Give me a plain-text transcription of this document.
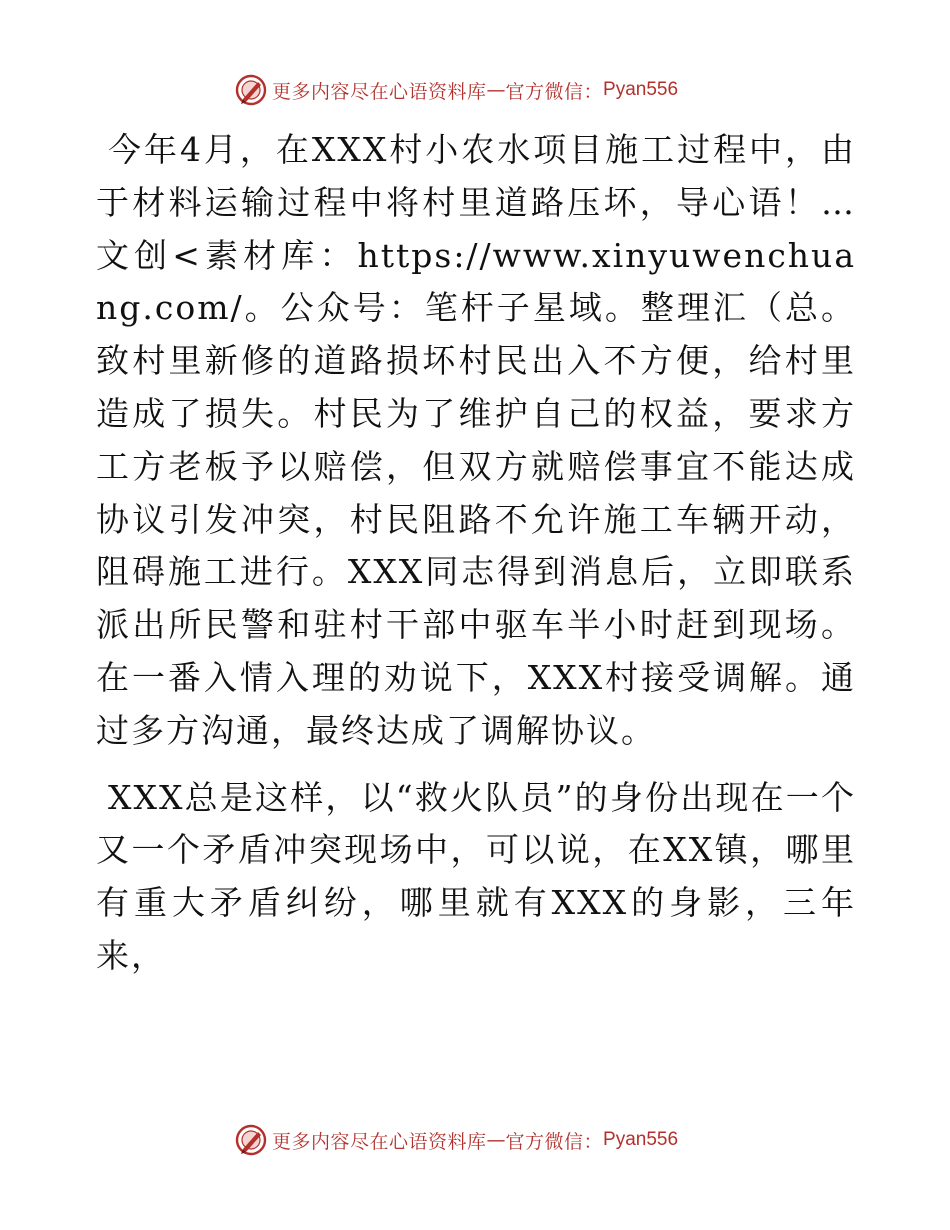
更多内容尽在心语资料库 — 官方微信： Pyan556

今年4月，在XXX村小农水项目施工过程中，由于材料运输过程中将村里道路压坏，导心语！…文创<素材库：https://www.xinyuwenchuang.com/。公众号：笔杆子星域。整理汇（总。致村里新修的道路损坏村民出入不方便，给村里造成了损失。村民为了维护自己的权益，要求方工方老板予以赔偿，但双方就赔偿事宜不能达成协议引发冲突，村民阻路不允许施工车辆开动，阻碍施工进行。XXX同志得到消息后，立即联系派出所民警和驻村干部中驱车半小时赶到现场。在一番入情入理的劝说下，XXX村接受调解。通过多方沟通，最终达成了调解协议。

XXX总是这样，以“救火队员”的身份出现在一个又一个矛盾冲突现场中，可以说，在XX镇，哪里有重大矛盾纠纷，哪里就有XXX的身影，三年来，

更多内容尽在心语资料库 — 官方微信： Pyan556
